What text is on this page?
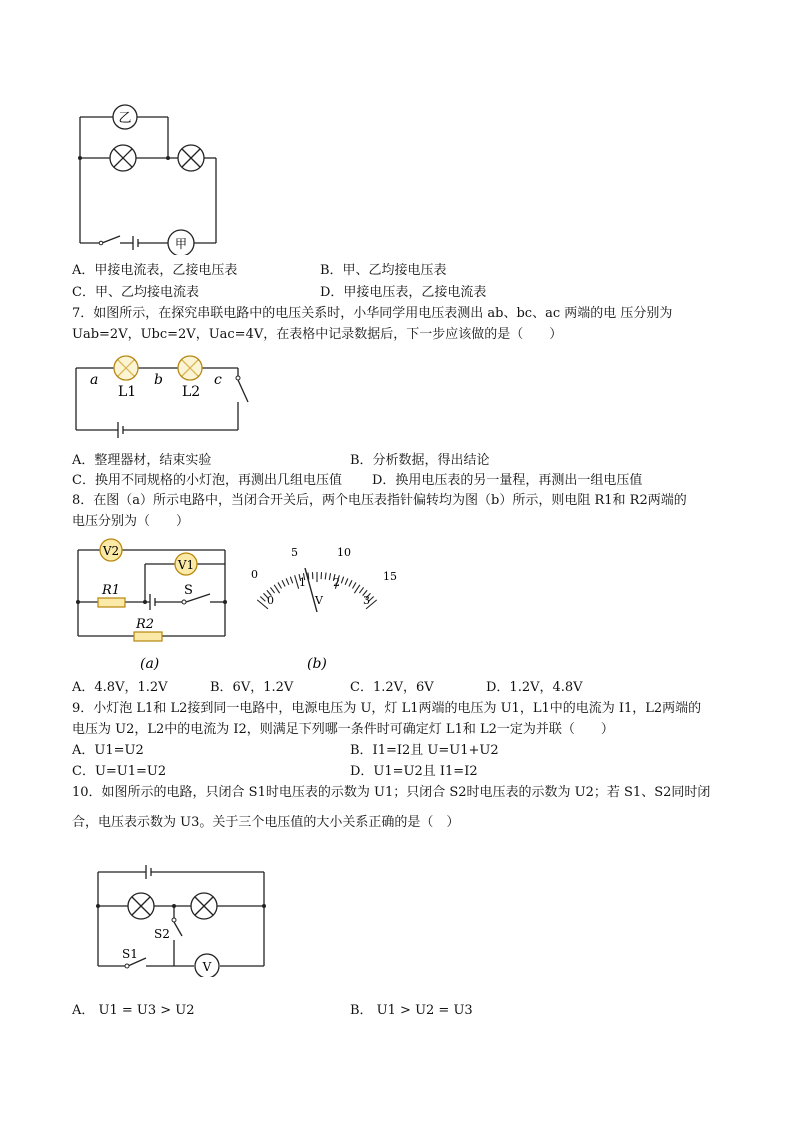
乙
甲
A．甲接电流表，乙接电压表	B．甲、乙均接电压表
C．甲、乙均接电流表	D．甲接电压表，乙接电流表
7．如图所示，在探究串联电路中的电压关系时，小华同学用电压表测出 ab、bc、ac 两端的电 压分别为
Uab=2V，Ubc=2V，Uac=4V，在表格中记录数据后，下一步应该做的是（　　）
a	b	c
L1	L2
A．整理器材，结束实验	B．分析数据，得出结论
C．换用不同规格的小灯泡，再测出几组电压值 D．换用电压表的另一量程，再测出一组电压值
8．在图（a）所示电路中，当闭合开关后，两个电压表指针偏转均为图（b）所示，则电阻 R1和 R2两端的
电压分别为（　　）
V2
V1
R1	S
R2
(a)
0
5	10
15
0
1 2
3
V
(b)
A．4.8V，1.2V	B．6V，1.2V	C．1.2V，6V	D．1.2V，4.8V
9．小灯泡 L1和 L2接到同一电路中，电源电压为 U，灯 L1两端的电压为 U1，L1中的电流为 I1，L2两端的
电压为 U2，L2中的电流为 I2，则满足下列哪一条件时可确定灯 L1和 L2一定为并联（　　）
A．U1=U2	B．I1=I2且 U=U1+U2
C．U=U1=U2	D．U1=U2且 I1=I2
10．如图所示的电路，只闭合 S1时电压表的示数为 U1；只闭合 S2时电压表的示数为 U2；若 S1、S2同时闭
合，电压表示数为 U3。关于三个电压值的大小关系正确的是（　）
S2
S1
V
A． U1 = U3 > U2	B． U1 > U2 = U3
